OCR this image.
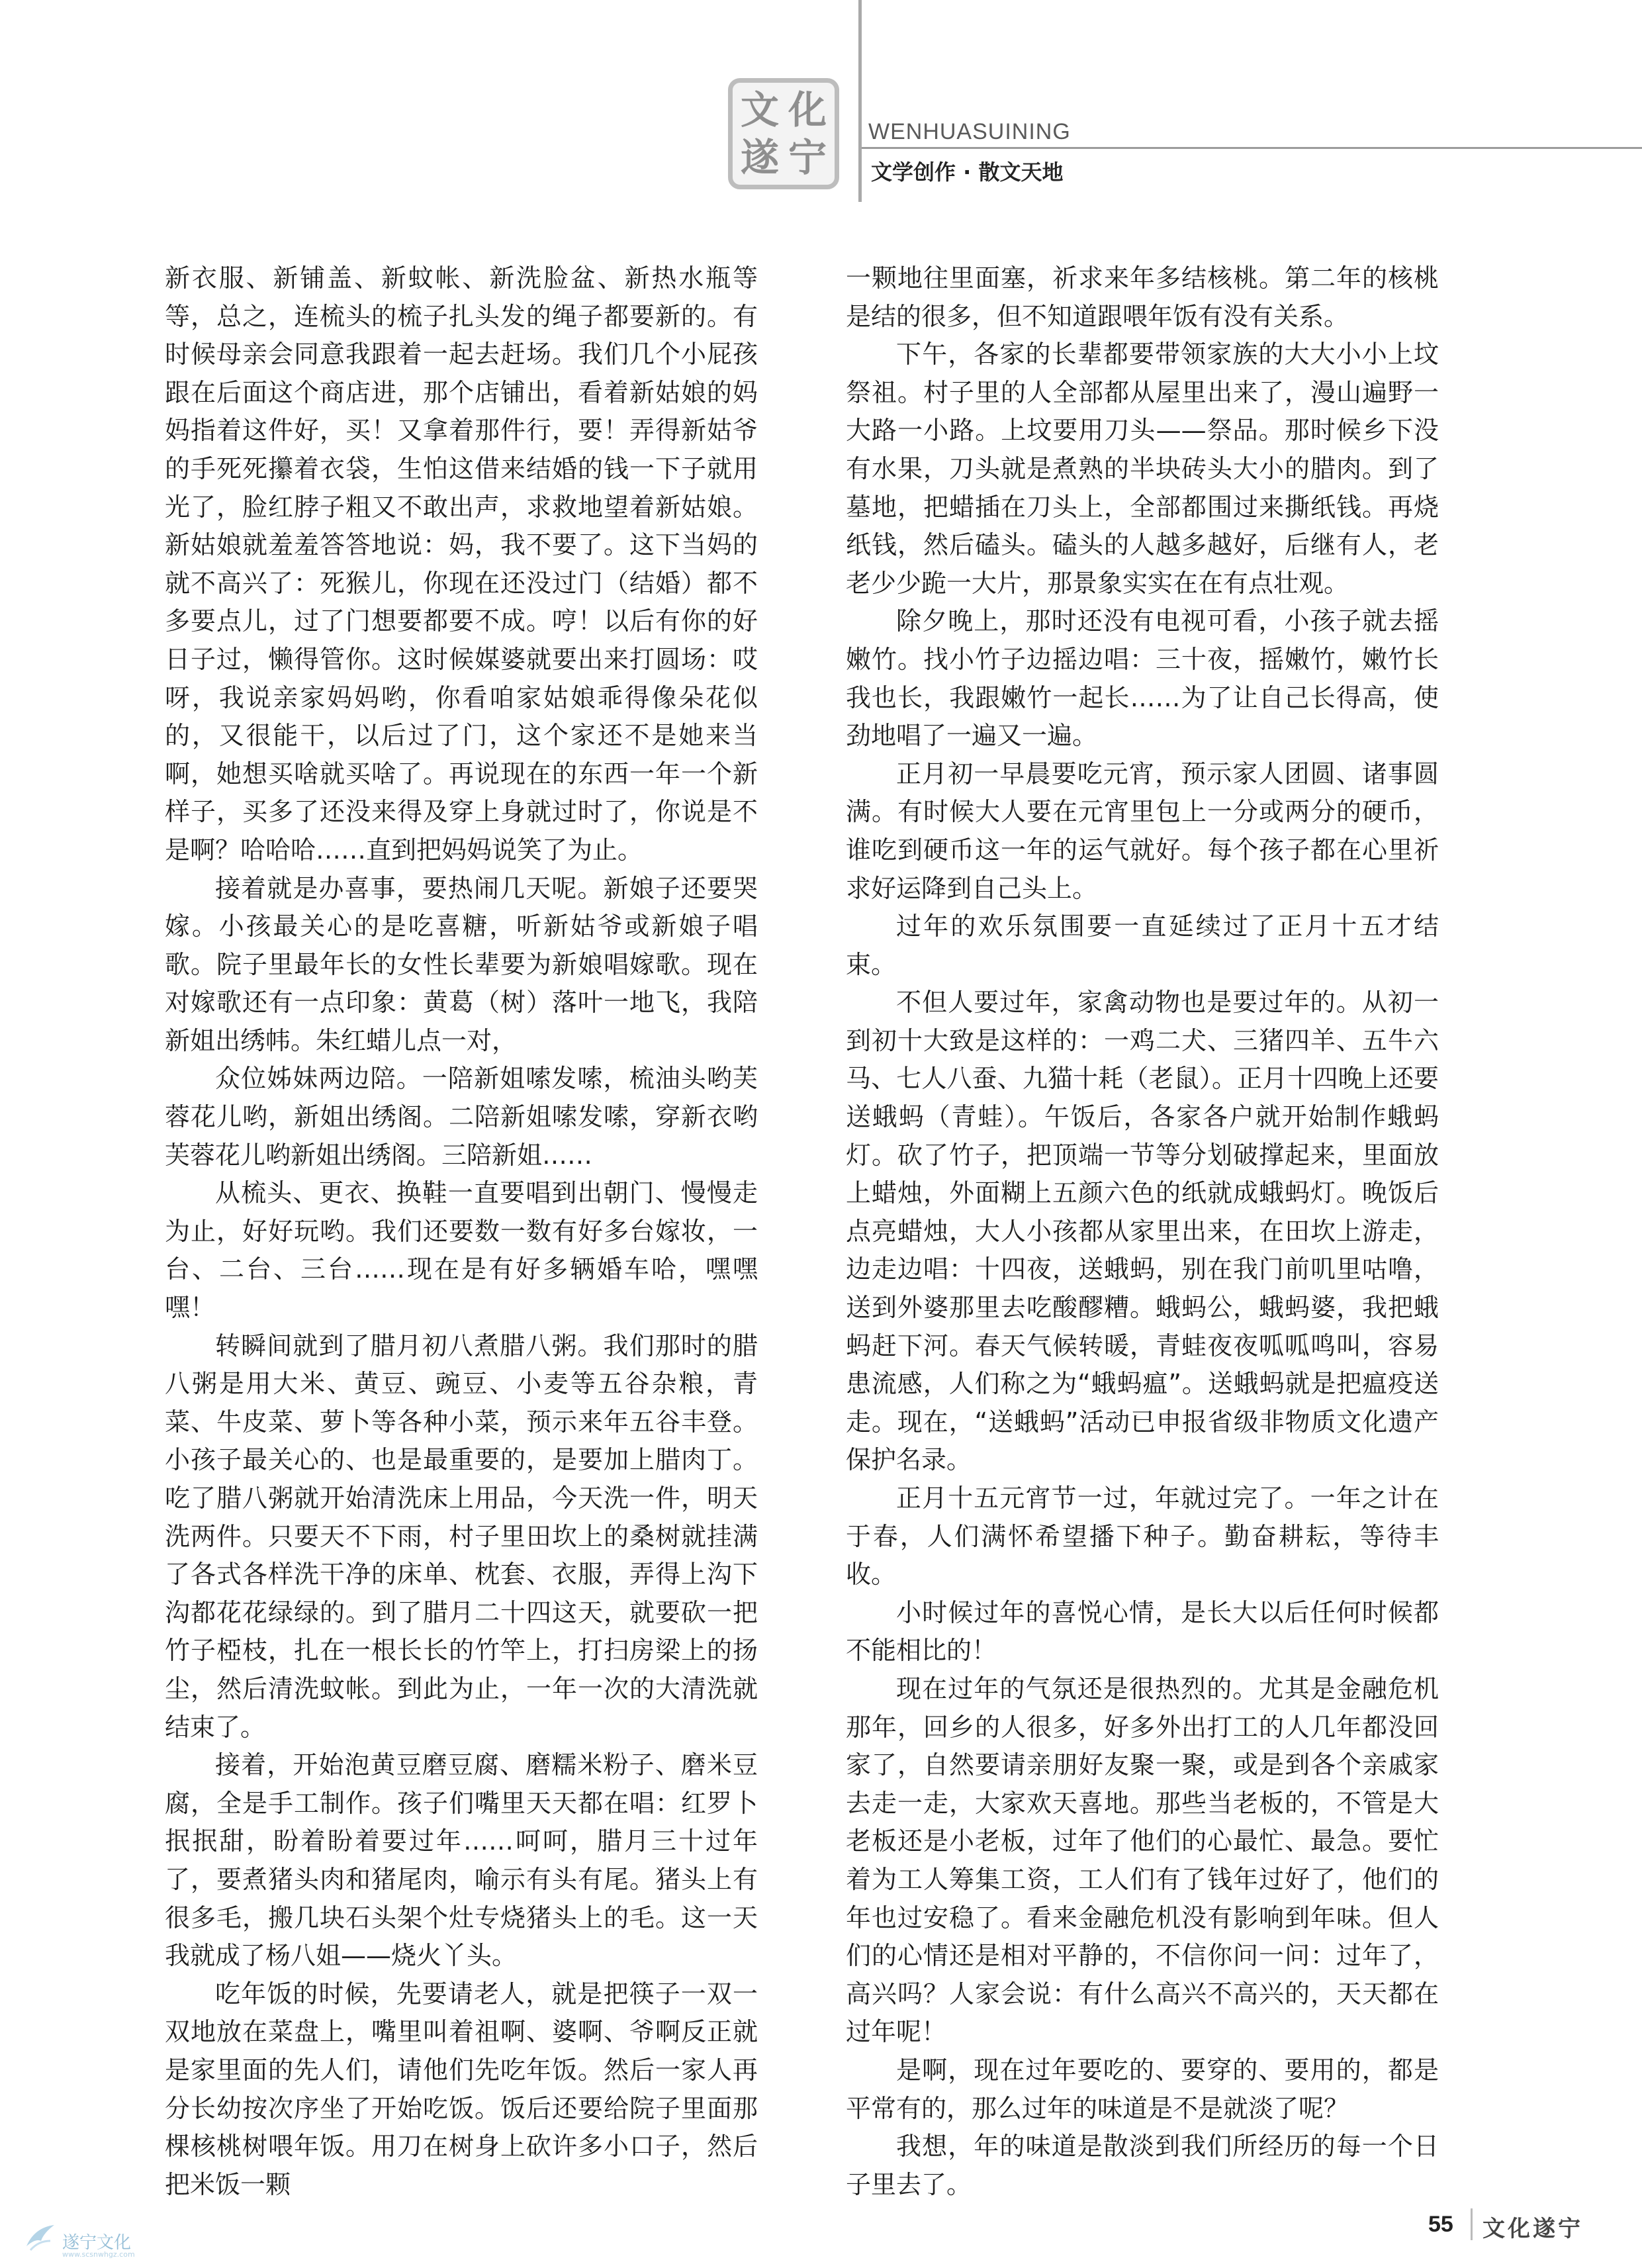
文 化
遂 宁
WENHUASUINING
文学创作 · 散文天地

新衣服、新铺盖、新蚊帐、新洗脸盆、新热水瓶等等，总之，连梳头的梳子扎头发的绳子都要新的。有时候母亲会同意我跟着一起去赶场。我们几个小屁孩跟在后面这个商店进，那个店铺出，看着新姑娘的妈妈指着这件好，买！又拿着那件行，要！弄得新姑爷的手死死攥着衣袋，生怕这借来结婚的钱一下子就用光了，脸红脖子粗又不敢出声，求救地望着新姑娘。新姑娘就羞羞答答地说：妈，我不要了。这下当妈的就不高兴了：死猴儿，你现在还没过门（结婚）都不多要点儿，过了门想要都要不成。哼！以后有你的好日子过，懒得管你。这时候媒婆就要出来打圆场：哎呀，我说亲家妈妈哟，你看咱家姑娘乖得像朵花似的，又很能干，以后过了门，这个家还不是她来当啊，她想买啥就买啥了。再说现在的东西一年一个新样子，买多了还没来得及穿上身就过时了，你说是不是啊？哈哈哈……直到把妈妈说笑了为止。

接着就是办喜事，要热闹几天呢。新娘子还要哭嫁。小孩最关心的是吃喜糖，听新姑爷或新娘子唱歌。院子里最年长的女性长辈要为新娘唱嫁歌。现在对嫁歌还有一点印象：黄葛（树）落叶一地飞，我陪新姐出绣帏。朱红蜡儿点一对，

众位姊妹两边陪。一陪新姐嗦发嗦，梳油头哟芙蓉花儿哟，新姐出绣阁。二陪新姐嗦发嗦，穿新衣哟芙蓉花儿哟新姐出绣阁。三陪新姐……

从梳头、更衣、换鞋一直要唱到出朝门、慢慢走为止，好好玩哟。我们还要数一数有好多台嫁妆，一台、二台、三台……现在是有好多辆婚车哈，嘿嘿嘿！

转瞬间就到了腊月初八煮腊八粥。我们那时的腊八粥是用大米、黄豆、豌豆、小麦等五谷杂粮，青菜、牛皮菜、萝卜等各种小菜，预示来年五谷丰登。小孩子最关心的、也是最重要的，是要加上腊肉丁。吃了腊八粥就开始清洗床上用品，今天洗一件，明天洗两件。只要天不下雨，村子里田坎上的桑树就挂满了各式各样洗干净的床单、枕套、衣服，弄得上沟下沟都花花绿绿的。到了腊月二十四这天，就要砍一把竹子椏枝，扎在一根长长的竹竿上，打扫房梁上的扬尘，然后清洗蚊帐。到此为止，一年一次的大清洗就结束了。

接着，开始泡黄豆磨豆腐、磨糯米粉子、磨米豆腐，全是手工制作。孩子们嘴里天天都在唱：红罗卜抿抿甜，盼着盼着要过年……呵呵，腊月三十过年了，要煮猪头肉和猪尾肉，喻示有头有尾。猪头上有很多毛，搬几块石头架个灶专烧猪头上的毛。这一天我就成了杨八姐——烧火丫头。

吃年饭的时候，先要请老人，就是把筷子一双一双地放在菜盘上，嘴里叫着祖啊、婆啊、爷啊反正就是家里面的先人们，请他们先吃年饭。然后一家人再分长幼按次序坐了开始吃饭。饭后还要给院子里面那棵核桃树喂年饭。用刀在树身上砍许多小口子，然后把米饭一颗

一颗地往里面塞，祈求来年多结核桃。第二年的核桃是结的很多，但不知道跟喂年饭有没有关系。

下午，各家的长辈都要带领家族的大大小小上坟祭祖。村子里的人全部都从屋里出来了，漫山遍野一大路一小路。上坟要用刀头——祭品。那时候乡下没有水果，刀头就是煮熟的半块砖头大小的腊肉。到了墓地，把蜡插在刀头上，全部都围过来撕纸钱。再烧纸钱，然后磕头。磕头的人越多越好，后继有人，老老少少跪一大片，那景象实实在在有点壮观。

除夕晚上，那时还没有电视可看，小孩子就去摇嫩竹。找小竹子边摇边唱：三十夜，摇嫩竹，嫩竹长我也长，我跟嫩竹一起长……为了让自己长得高，使劲地唱了一遍又一遍。

正月初一早晨要吃元宵，预示家人团圆、诸事圆满。有时候大人要在元宵里包上一分或两分的硬币，谁吃到硬币这一年的运气就好。每个孩子都在心里祈求好运降到自己头上。

过年的欢乐氛围要一直延续过了正月十五才结束。

不但人要过年，家禽动物也是要过年的。从初一到初十大致是这样的：一鸡二犬、三猪四羊、五牛六马、七人八蚕、九猫十耗（老鼠）。正月十四晚上还要送蛾蚂（青蛙）。午饭后，各家各户就开始制作蛾蚂灯。砍了竹子，把顶端一节等分划破撑起来，里面放上蜡烛，外面糊上五颜六色的纸就成蛾蚂灯。晚饭后点亮蜡烛，大人小孩都从家里出来，在田坎上游走，边走边唱：十四夜，送蛾蚂，别在我门前叽里咕噜，送到外婆那里去吃酸醪糟。蛾蚂公，蛾蚂婆，我把蛾蚂赶下河。春天气候转暖，青蛙夜夜呱呱鸣叫，容易患流感，人们称之为“蛾蚂瘟”。送蛾蚂就是把瘟疫送走。现在，“送蛾蚂”活动已申报省级非物质文化遗产保护名录。

正月十五元宵节一过，年就过完了。一年之计在于春，人们满怀希望播下种子。勤奋耕耘，等待丰收。

小时候过年的喜悦心情，是长大以后任何时候都不能相比的！

现在过年的气氛还是很热烈的。尤其是金融危机那年，回乡的人很多，好多外出打工的人几年都没回家了，自然要请亲朋好友聚一聚，或是到各个亲戚家去走一走，大家欢天喜地。那些当老板的，不管是大老板还是小老板，过年了他们的心最忙、最急。要忙着为工人筹集工资，工人们有了钱年过好了，他们的年也过安稳了。看来金融危机没有影响到年味。但人们的心情还是相对平静的，不信你问一问：过年了，高兴吗？人家会说：有什么高兴不高兴的，天天都在过年呢！

是啊，现在过年要吃的、要穿的、要用的，都是平常有的，那么过年的味道是不是就淡了呢？

我想，年的味道是散淡到我们所经历的每一个日子里去了。

55 文化遂宁
遂宁文化
www.scsnwhgz.com
